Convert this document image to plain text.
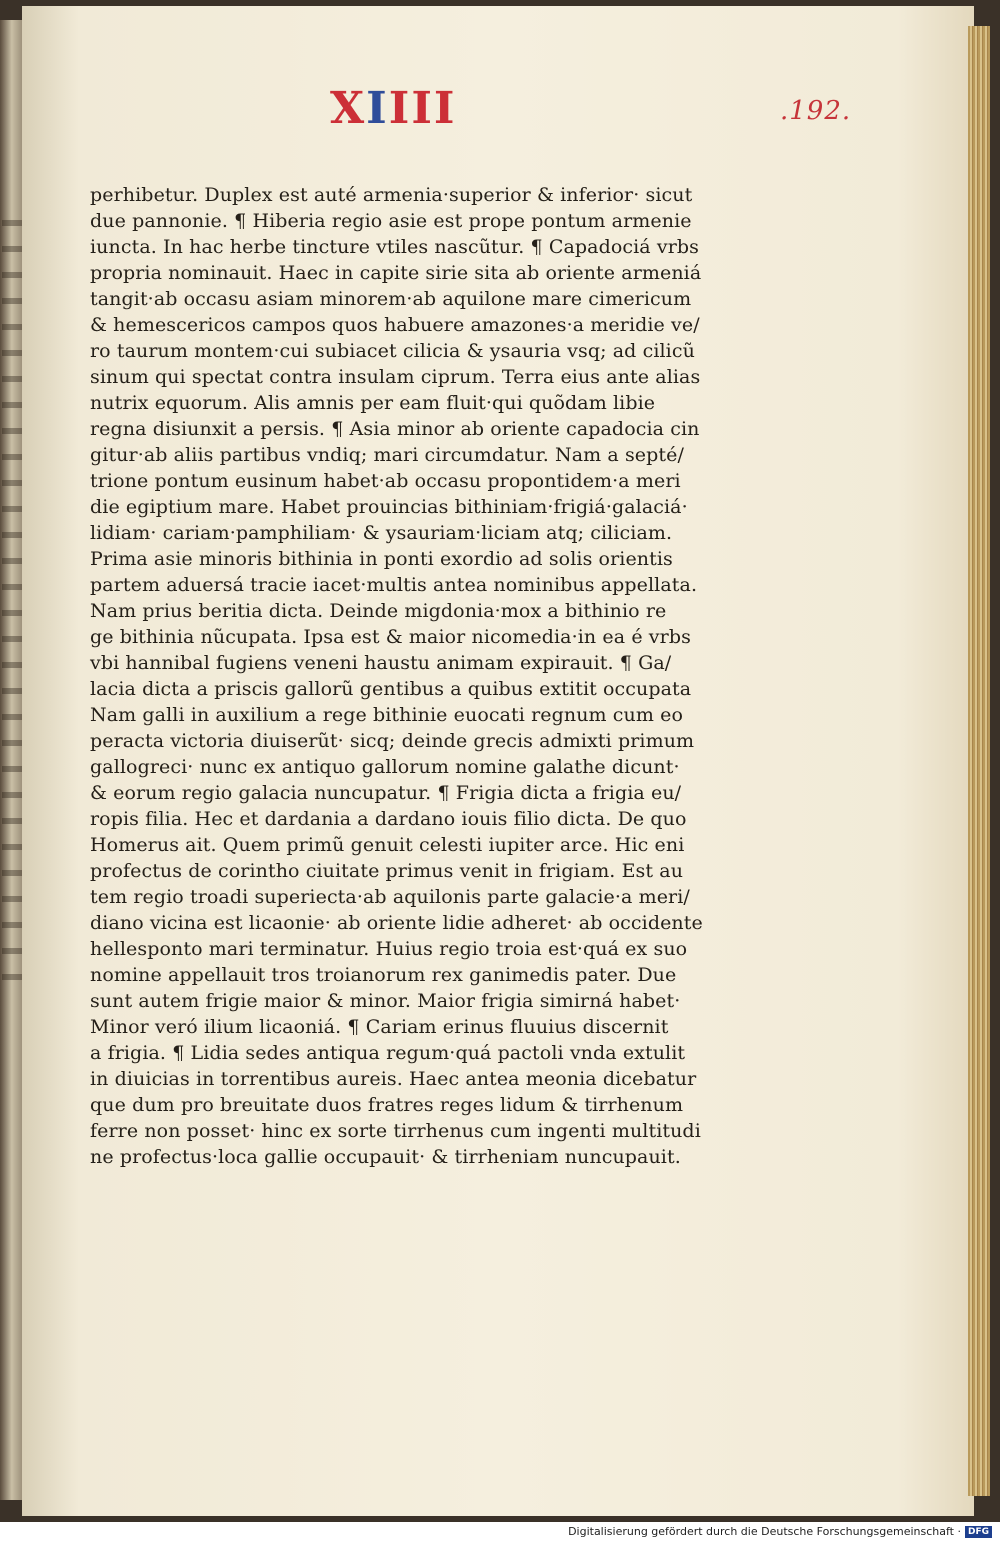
XIIII	.192.
perhibetur. Duplex est auté armenia·superior & inferior· sicut
due pannonie. ¶ Hiberia regio asie est prope pontum armenie
iuncta. In hac herbe tincture vtiles nascũtur. ¶ Capadociá vrbs
propria nominauit. Haec in capite sirie sita ab oriente armeniá
tangit·ab occasu asiam minorem·ab aquilone mare cimericum
& hemescericos campos quos habuere amazones·a meridie ve/
ro taurum montem·cui subiacet cilicia & ysauria vsq; ad cilicũ
sinum qui spectat contra insulam ciprum. Terra eius ante alias
nutrix equorum. Alis amnis per eam fluit·qui quõdam libie
regna disiunxit a persis. ¶ Asia minor ab oriente capadocia cin
gitur·ab aliis partibus vndiq; mari circumdatur. Nam a septé/
trione pontum eusinum habet·ab occasu propontidem·a meri
die egiptium mare. Habet prouincias bithiniam·frigiá·galaciá·
lidiam· cariam·pamphiliam· & ysauriam·liciam atq; ciliciam.
Prima asie minoris bithinia in ponti exordio ad solis orientis
partem aduersá tracie iacet·multis antea nominibus appellata.
Nam prius beritia dicta. Deinde migdonia·mox a bithinio re
ge bithinia nũcupata. Ipsa est & maior nicomedia·in ea é vrbs
vbi hannibal fugiens veneni haustu animam expirauit. ¶ Ga/
lacia dicta a priscis gallorũ gentibus a quibus extitit occupata
Nam galli in auxilium a rege bithinie euocati regnum cum eo
peracta victoria diuiserũt· sicq; deinde grecis admixti primum
gallogreci· nunc ex antiquo gallorum nomine galathe dicunt·
& eorum regio galacia nuncupatur. ¶ Frigia dicta a frigia eu/
ropis filia. Hec et dardania a dardano iouis filio dicta. De quo
Homerus ait. Quem primũ genuit celesti iupiter arce. Hic eni
profectus de corintho ciuitate primus venit in frigiam. Est au
tem regio troadi superiecta·ab aquilonis parte galacie·a meri/
diano vicina est licaonie· ab oriente lidie adheret· ab occidente
hellesponto mari terminatur. Huius regio troia est·quá ex suo
nomine appellauit tros troianorum rex ganimedis pater. Due
sunt autem frigie maior & minor. Maior frigia simirná habet·
Minor veró ilium licaoniá. ¶ Cariam erinus fluuius discernit
a frigia. ¶ Lidia sedes antiqua regum·quá pactoli vnda extulit
in diuicias in torrentibus aureis. Haec antea meonia dicebatur
que dum pro breuitate duos fratres reges lidum & tirrhenum
ferre non posset· hinc ex sorte tirrhenus cum ingenti multitudi
ne profectus·loca gallie occupauit· & tirrheniam nuncupauit.
Digitalisierung gefördert durch die Deutsche Forschungsgemeinschaft · DFG
